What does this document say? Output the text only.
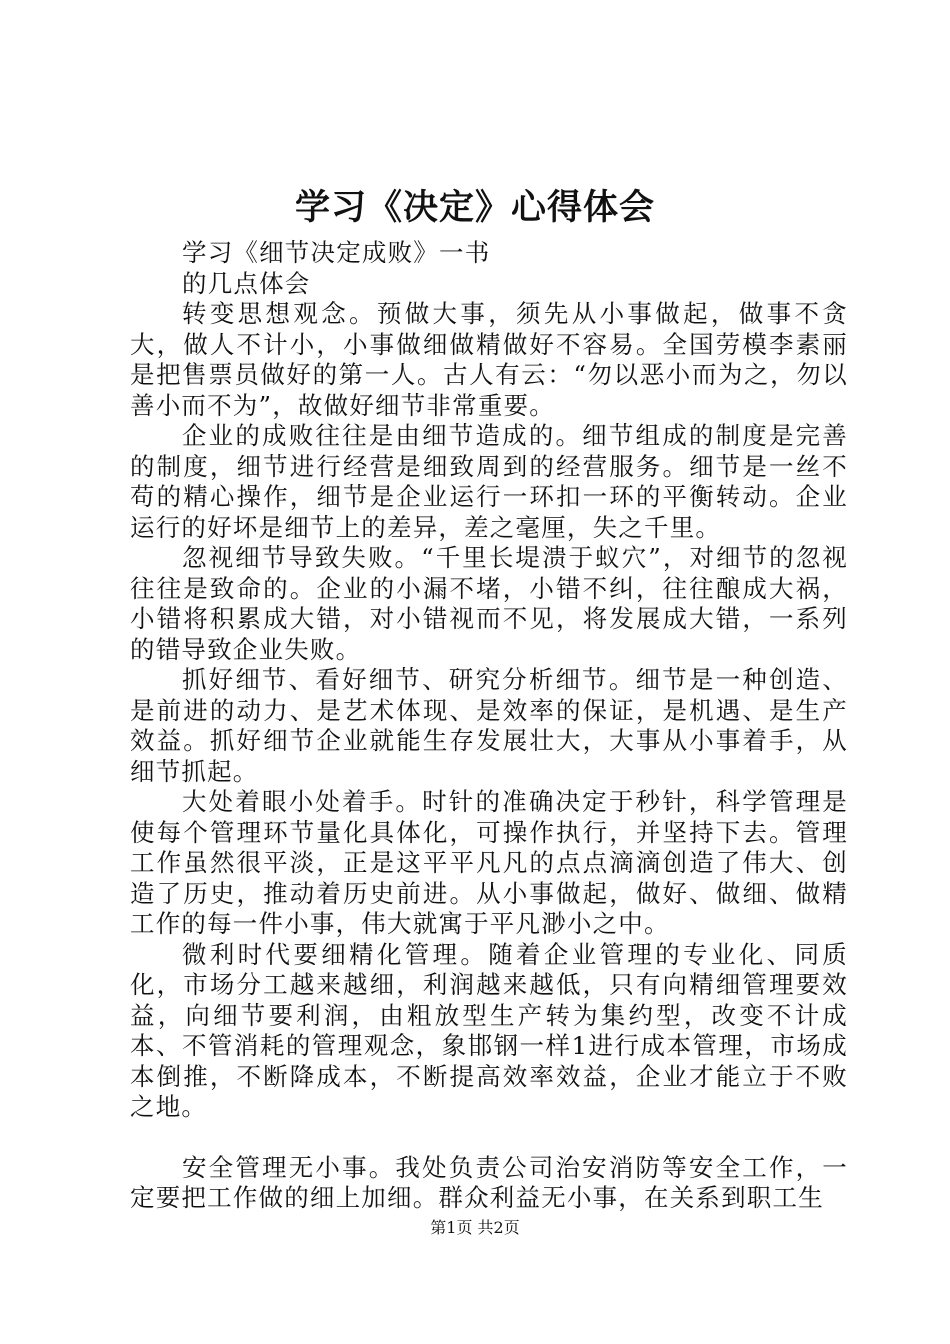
学习《决定》心得体会

学习《细节决定成败》一书

的几点体会

转变思想观念。预做大事，须先从小事做起，做事不贪大，做人不计小，小事做细做精做好不容易。全国劳模李素丽是把售票员做好的第一人。古人有云：“勿以恶小而为之，勿以善小而不为”，故做好细节非常重要。

企业的成败往往是由细节造成的。细节组成的制度是完善的制度，细节进行经营是细致周到的经营服务。细节是一丝不苟的精心操作，细节是企业运行一环扣一环的平衡转动。企业运行的好坏是细节上的差异，差之毫厘，失之千里。

忽视细节导致失败。“千里长堤溃于蚁穴”，对细节的忽视往往是致命的。企业的小漏不堵，小错不纠，往往酿成大祸，小错将积累成大错，对小错视而不见，将发展成大错，一系列的错导致企业失败。

抓好细节、看好细节、研究分析细节。细节是一种创造、是前进的动力、是艺术体现、是效率的保证，是机遇、是生产效益。抓好细节企业就能生存发展壮大，大事从小事着手，从细节抓起。

大处着眼小处着手。时针的准确决定于秒针，科学管理是使每个管理环节量化具体化，可操作执行，并坚持下去。管理工作虽然很平淡，正是这平平凡凡的点点滴滴创造了伟大、创造了历史，推动着历史前进。从小事做起，做好、做细、做精工作的每一件小事，伟大就寓于平凡渺小之中。

微利时代要细精化管理。随着企业管理的专业化、同质化，市场分工越来越细，利润越来越低，只有向精细管理要效益，向细节要利润，由粗放型生产转为集约型，改变不计成本、不管消耗的管理观念，象邯钢一样1进行成本管理，市场成本倒推，不断降成本，不断提高效率效益，企业才能立于不败之地。

安全管理无小事。我处负责公司治安消防等安全工作，一定要把工作做的细上加细。群众利益无小事，在关系到职工生

第1页 共2页
